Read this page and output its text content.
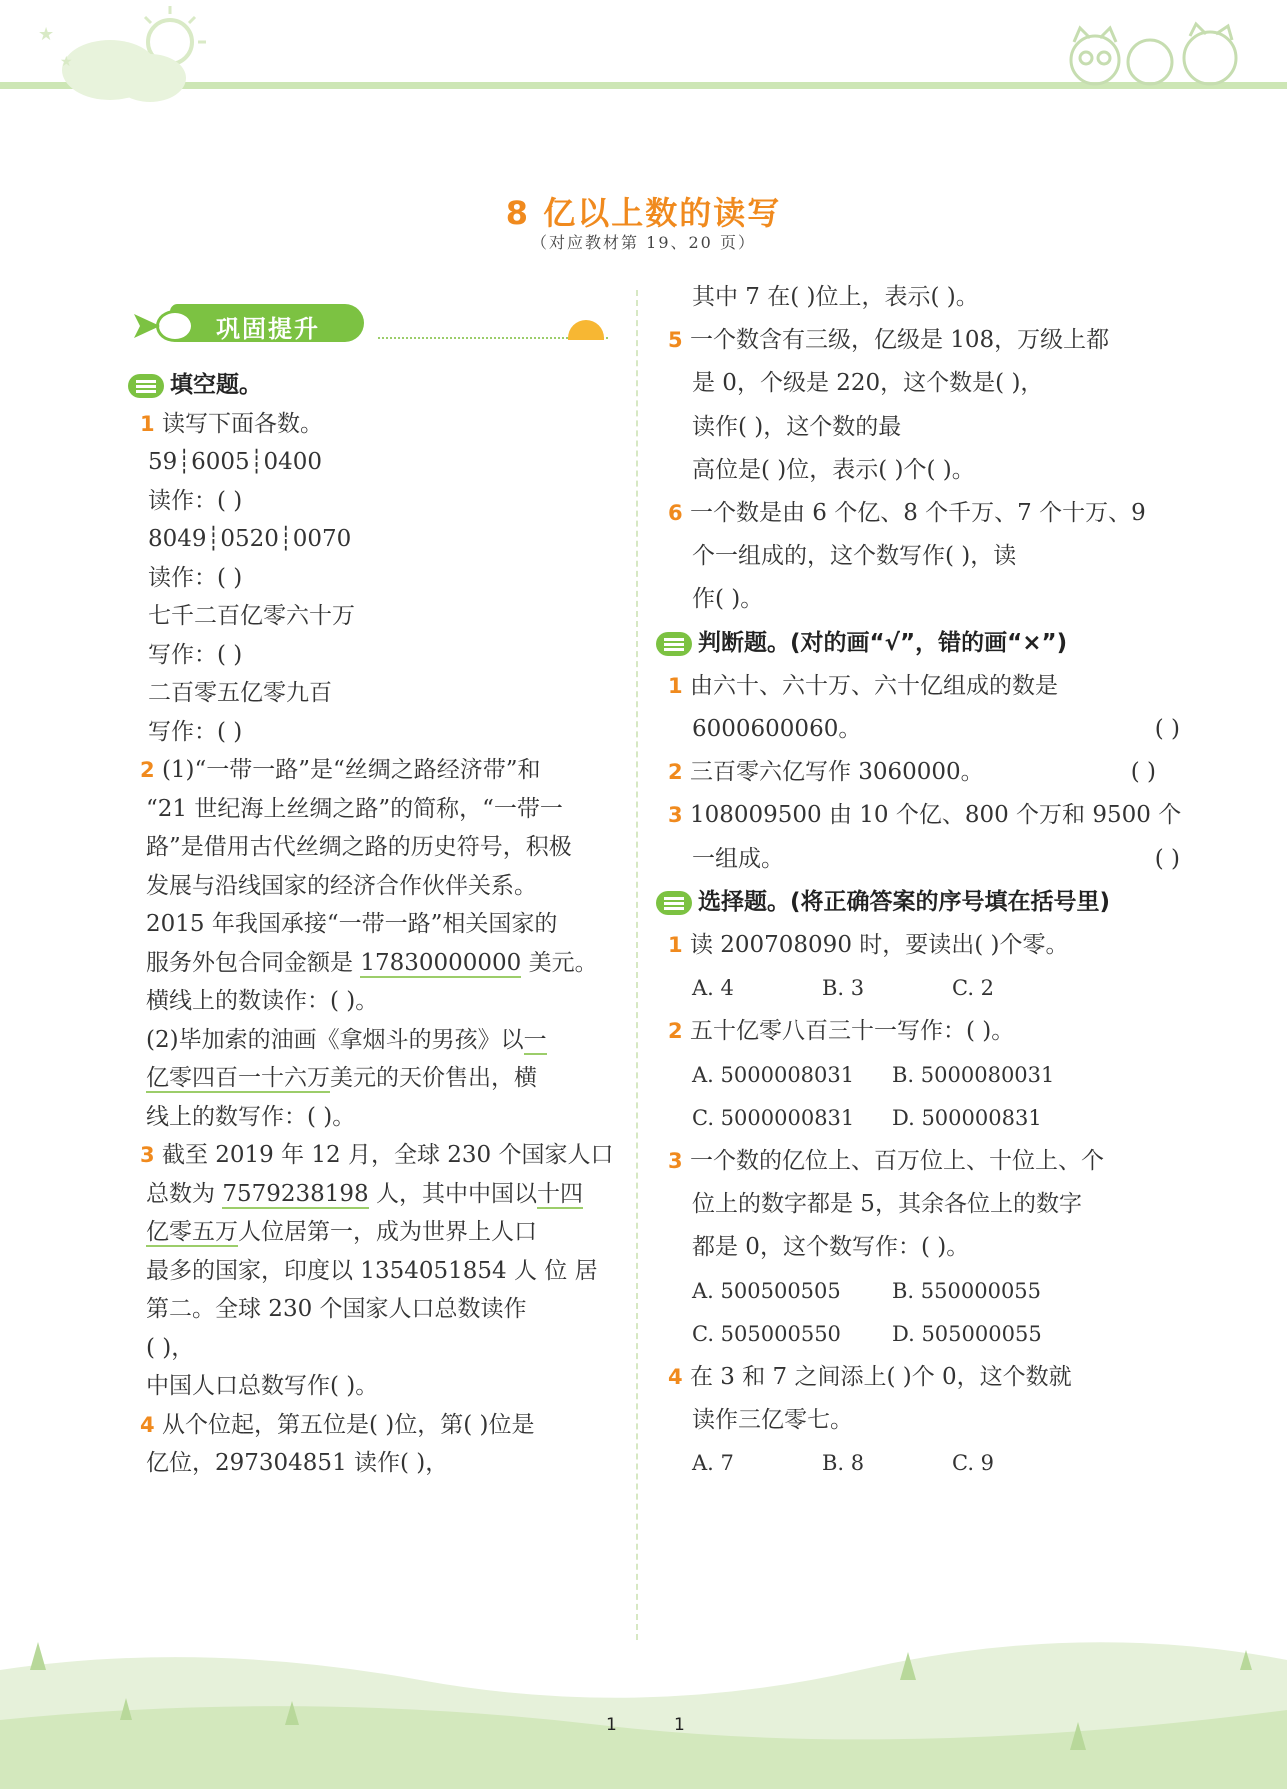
★
★
8 亿以上数的读写
（对应教材第 19、20 页）
巩固提升
填空题。
1 读写下面各数。
59┊6005┊0400
读作：( )
8049┊0520┊0070
读作：( )
七千二百亿零六十万
写作：( )
二百零五亿零九百
写作：( )
2 (1)“一带一路”是“丝绸之路经济带”和
“21 世纪海上丝绸之路”的简称，“一带一
路”是借用古代丝绸之路的历史符号，积极
发展与沿线国家的经济合作伙伴关系。
2015 年我国承接“一带一路”相关国家的
服务外包合同金额是 17830000000 美元。
横线上的数读作：( )。
(2)毕加索的油画《拿烟斗的男孩》以一
亿零四百一十六万美元的天价售出，横
线上的数写作：( )。
3 截至 2019 年 12 月，全球 230 个国家人口
总数为 7579238198 人，其中中国以十四
亿零五万人位居第一，成为世界上人口
最多的国家，印度以 1354051854 人 位 居
第二。全球 230 个国家人口总数读作
( )，
中国人口总数写作( )。
4 从个位起，第五位是( )位，第( )位是
亿位，297304851 读作( )，
其中 7 在( )位上，表示( )。
5 一个数含有三级，亿级是 108，万级上都
是 0，个级是 220，这个数是( )，
读作( )，这个数的最
高位是( )位，表示( )个( )。
6 一个数是由 6 个亿、8 个千万、7 个十万、9
个一组成的，这个数写作( )，读
作( )。
判断题。(对的画“√”，错的画“×”)
1 由六十、六十万、六十亿组成的数是
6000600060。	( )
2 三百零六亿写作 3060000。	( )
3 108009500 由 10 个亿、800 个万和 9500 个
一组成。	( )
选择题。(将正确答案的序号填在括号里)
1 读 200708090 时，要读出( )个零。
A. 4	B. 3	C. 2
2 五十亿零八百三十一写作：( )。
A. 5000008031 B. 5000080031
C. 5000000831 D. 500000831
3 一个数的亿位上、百万位上、十位上、个
位上的数字都是 5，其余各位上的数字
都是 0，这个数写作：( )。
A. 500500505 B. 550000055
C. 505000550 D. 505000055
4 在 3 和 7 之间添上( )个 0，这个数就
读作三亿零七。
A. 7	B. 8	C. 9
1	1
